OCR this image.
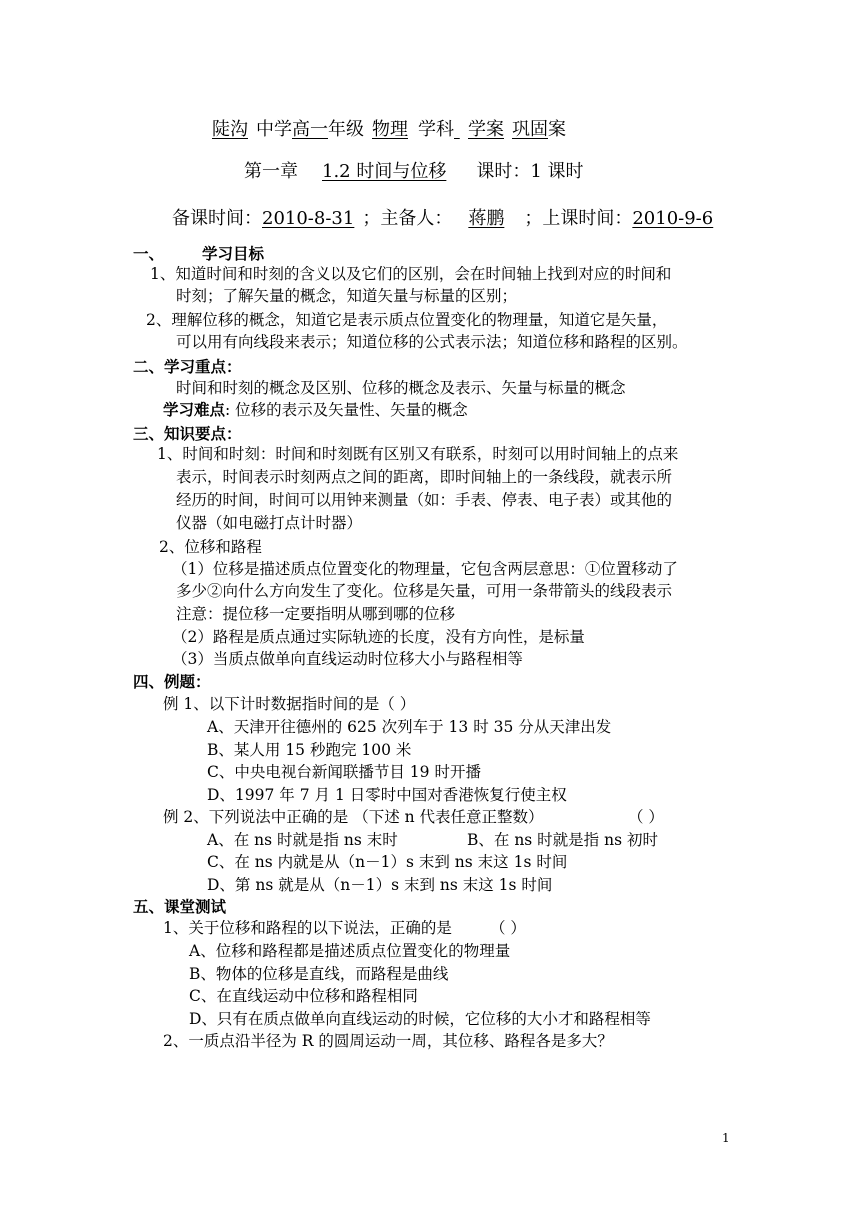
陡沟 中学高一年级 物理 学科 学案 巩固案
第一章 1.2 时间与位移 课时：1 课时
备课时间：2010-8-31 ；主备人： 蒋鹏 ；上课时间：2010-9-6
一、 学习目标
1、知道时间和时刻的含义以及它们的区别，会在时间轴上找到对应的时间和
时刻；了解矢量的概念，知道矢量与标量的区别；
2、理解位移的概念，知道它是表示质点位置变化的物理量，知道它是矢量，
可以用有向线段来表示；知道位移的公式表示法；知道位移和路程的区别。
二、学习重点：
时间和时刻的概念及区别、位移的概念及表示、矢量与标量的概念
学习难点: 位移的表示及矢量性、矢量的概念
三、知识要点：
1、时间和时刻：时间和时刻既有区别又有联系，时刻可以用时间轴上的点来
表示，时间表示时刻两点之间的距离，即时间轴上的一条线段，就表示所
经历的时间，时间可以用钟来测量（如：手表、停表、电子表）或其他的
仪器（如电磁打点计时器）
2、位移和路程
（1）位移是描述质点位置变化的物理量，它包含两层意思：①位置移动了
多少②向什么方向发生了变化。位移是矢量，可用一条带箭头的线段表示
注意：提位移一定要指明从哪到哪的位移
（2）路程是质点通过实际轨迹的长度，没有方向性，是标量
（3）当质点做单向直线运动时位移大小与路程相等
四、例题：
例 1、以下计时数据指时间的是（ ）
A、天津开往德州的 625 次列车于 13 时 35 分从天津出发
B、某人用 15 秒跑完 100 米
C、中央电视台新闻联播节目 19 时开播
D、1997 年 7 月 1 日零时中国对香港恢复行使主权
例 2、下列说法中正确的是 （下述 n 代表任意正整数）	（ ）
A、在 ns 时就是指 ns 末时	B、在 ns 时就是指 ns 初时
C、在 ns 内就是从（n－1）s 末到 ns 末这 1s 时间
D、第 ns 就是从（n－1）s 末到 ns 末这 1s 时间
五、课堂测试
1、关于位移和路程的以下说法，正确的是 （ ）
A、位移和路程都是描述质点位置变化的物理量
B、物体的位移是直线，而路程是曲线
C、在直线运动中位移和路程相同
D、只有在质点做单向直线运动的时候，它位移的大小才和路程相等
2、一质点沿半径为 R 的圆周运动一周，其位移、路程各是多大？
1
